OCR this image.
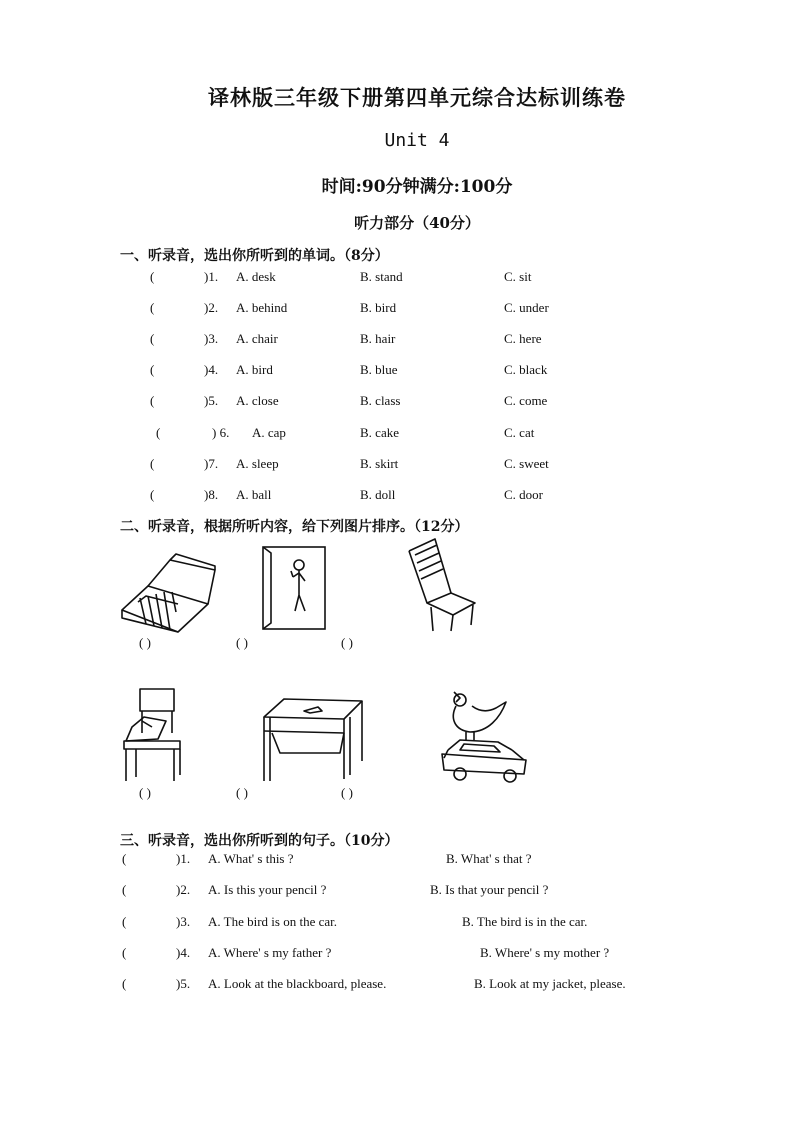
译林版三年级下册第四单元综合达标训练卷
Unit 4
时间:90分钟满分:100分
听力部分（40分）
一、听录音，选出你所听到的单词。（8分）
(	)1. A. desk	B. stand	C. sit
(	)2. A. behind	B. bird	C. under
(	)3. A. chair	B. hair	C. here
(	)4. A. bird	B. blue	C. black
(	)5. A. close	B. class	C. come
(	) 6. A. cap	B. cake	C. cat
(	)7. A. sleep	B. skirt	C. sweet
(	)8. A. ball	B. doll	C. door
二、听录音，根据所听内容，给下列图片排序。（12分）
( )	( )	( )
( )	( )	( )
三、听录音，选出你所听到的句子。（10分）
(	)1. A. What' s this ?	B. What' s that ?
(	)2. A. Is this your pencil ?	B. Is that your pencil ?
(	)3. A. The bird is on the car.	B. The bird is in the car.
(	)4. A. Where' s my father ?	B. Where' s my mother ?
(	)5. A. Look at the blackboard, please.	B. Look at my jacket, please.
